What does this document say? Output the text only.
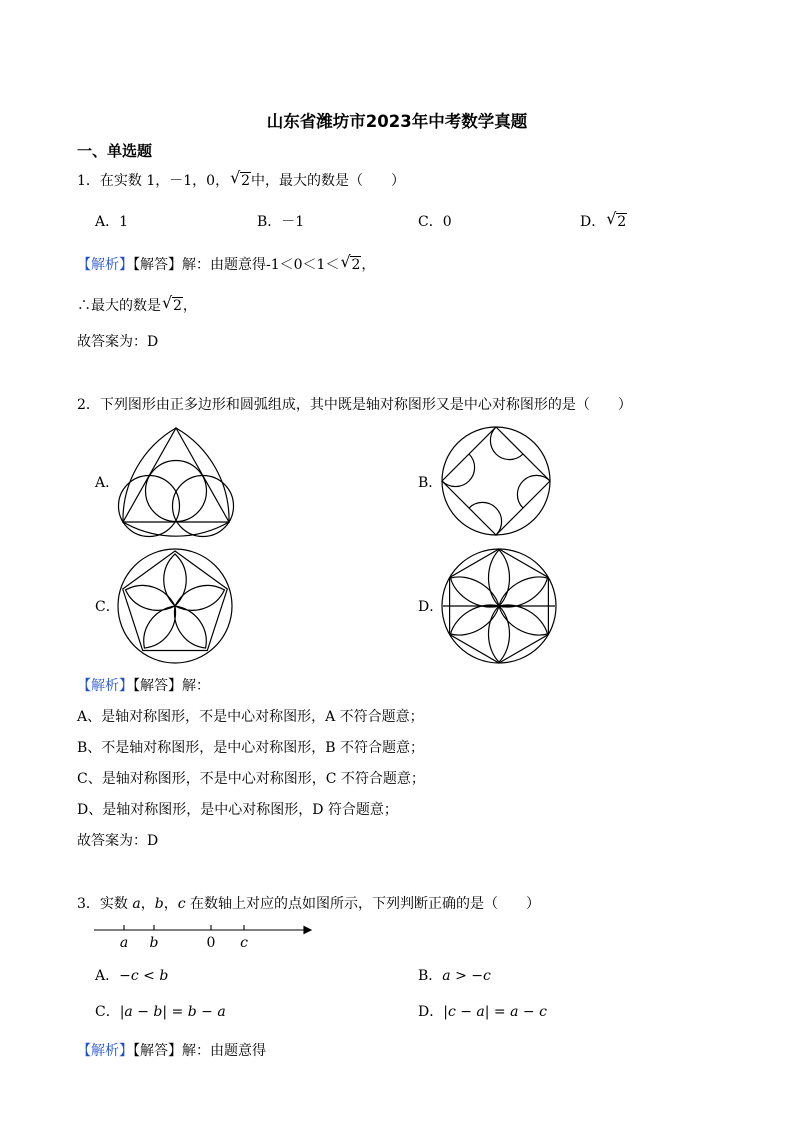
山东省潍坊市2023年中考数学真题
一、单选题
1．在实数 1，－1，0， √ 2中，最大的数是（　　）
A．1	B．－1	C．0	D． √ 2
【解析】【解答】解：由题意得-1＜0＜1＜ √ 2，
∴最大的数是 √ 2，
故答案为：D
2．下列图形由正多边形和圆弧组成，其中既是轴对称图形又是中心对称图形的是（　　）
A．	B．
C．	D．
【解析】【解答】解：
A、是轴对称图形，不是中心对称图形，A 不符合题意；
B、不是轴对称图形，是中心对称图形，B 不符合题意；
C、是轴对称图形，不是中心对称图形，C 不符合题意；
D、是轴对称图形，是中心对称图形，D 符合题意；
故答案为：D
3．实数 a，b，c 在数轴上对应的点如图所示，下列判断正确的是（　　）
a b	0 c
A．−c < b	B．a > −c
C．|a − b| = b − a	D．|c − a| = a − c
【解析】【解答】解：由题意得
